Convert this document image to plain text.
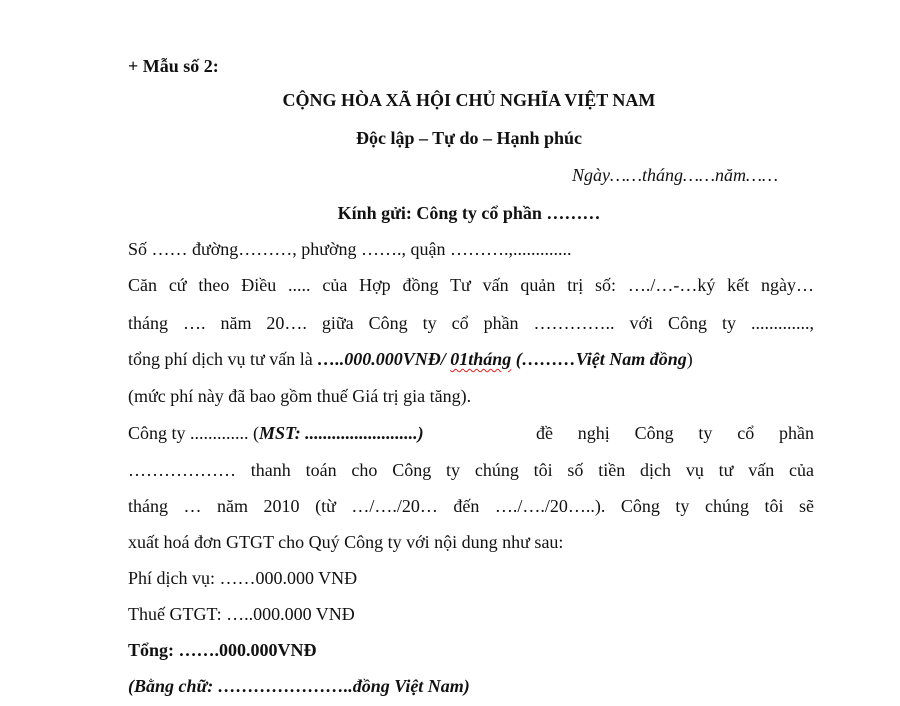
+ Mẫu số 2:
CỘNG HÒA XÃ HỘI CHỦ NGHĨA VIỆT NAM
Độc lập – Tự do – Hạnh phúc
Ngày……tháng……năm……
Kính gửi: Công ty cổ phần ………
Số …… đường………, phường ……., quận ……….,.............
Căn cứ theo Điều ..... của Hợp đồng Tư vấn quản trị số: …./…-…ký kết ngày…
tháng …. năm 20…. giữa Công ty cổ phần ………….. với Công ty .............,
tổng phí dịch vụ tư vấn là …..000.000VNĐ/ 01tháng (………Việt Nam đồng)
(mức phí này đã bao gồm thuế Giá trị gia tăng).
Công ty ............. (MST: .........................)	đề nghị Công ty cổ phần
……………… thanh toán cho Công ty chúng tôi số tiền dịch vụ tư vấn của
tháng … năm 2010 (từ …/…./20… đến …./…./20…..). Công ty chúng tôi sẽ
xuất hoá đơn GTGT cho Quý Công ty với nội dung như sau:
Phí dịch vụ: ……000.000 VNĐ
Thuế GTGT: …..000.000 VNĐ
Tổng: …….000.000VNĐ
(Bằng chữ: …………………..đồng Việt Nam)
